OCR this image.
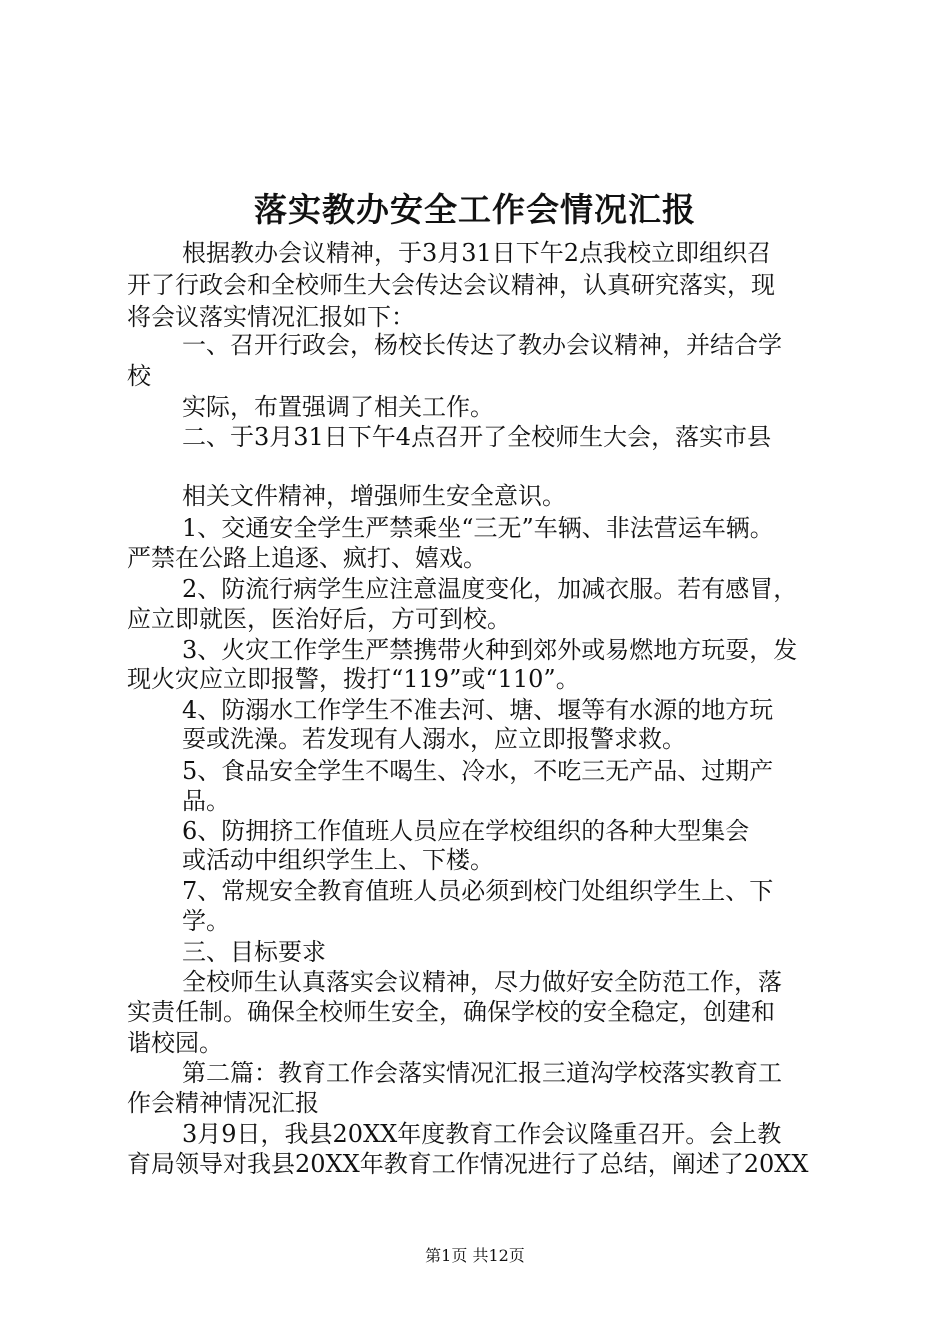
落实教办安全工作会情况汇报

根据教办会议精神，于3月31日下午2点我校立即组织召

开了行政会和全校师生大会传达会议精神，认真研究落实，现

将会议落实情况汇报如下：

一、召开行政会，杨校长传达了教办会议精神，并结合学

校

实际，布置强调了相关工作。

二、于3月31日下午4点召开了全校师生大会，落实市县

相关文件精神，增强师生安全意识。

1、交通安全学生严禁乘坐“三无”车辆、非法营运车辆。

严禁在公路上追逐、疯打、嬉戏。

2、防流行病学生应注意温度变化，加减衣服。若有感冒，

应立即就医，医治好后，方可到校。

3、火灾工作学生严禁携带火种到郊外或易燃地方玩耍，发

现火灾应立即报警，拨打“119”或“110”。

4、防溺水工作学生不准去河、塘、堰等有水源的地方玩

耍或洗澡。若发现有人溺水，应立即报警求救。

5、食品安全学生不喝生、冷水，不吃三无产品、过期产

品。

6、防拥挤工作值班人员应在学校组织的各种大型集会

或活动中组织学生上、下楼。

7、常规安全教育值班人员必须到校门处组织学生上、下

学。

三、目标要求

全校师生认真落实会议精神，尽力做好安全防范工作，落

实责任制。确保全校师生安全，确保学校的安全稳定，创建和

谐校园。

第二篇：教育工作会落实情况汇报三道沟学校落实教育工

作会精神情况汇报

3月9日，我县20XX年度教育工作会议隆重召开。会上教

育局领导对我县20XX年教育工作情况进行了总结，阐述了20XX

第1页 共12页
